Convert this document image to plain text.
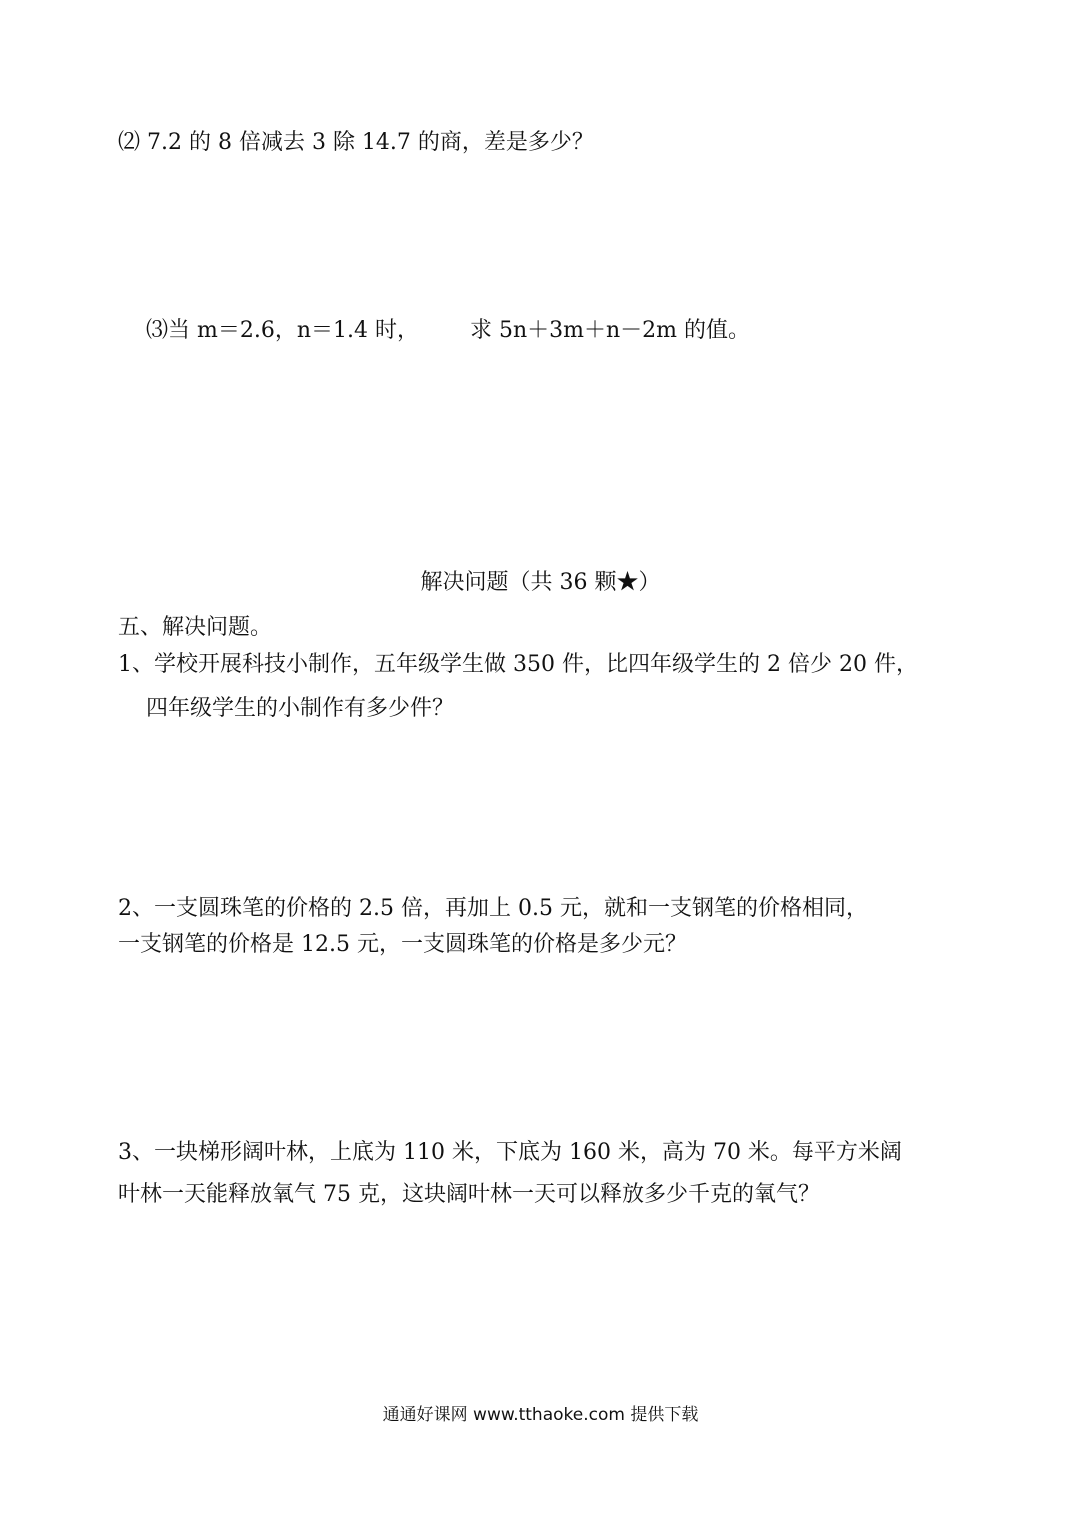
⑵ 7.2 的 8 倍减去 3 除 14.7 的商，差是多少？
⑶当 m＝2.6，n＝1.4 时， 求 5n＋3m＋n－2m 的值。
解决问题（共 36 颗★）
五、解决问题。
1、学校开展科技小制作，五年级学生做 350 件，比四年级学生的 2 倍少 20 件，
四年级学生的小制作有多少件？
2、一支圆珠笔的价格的 2.5 倍，再加上 0.5 元，就和一支钢笔的价格相同，
一支钢笔的价格是 12.5 元，一支圆珠笔的价格是多少元？
3、一块梯形阔叶林，上底为 110 米，下底为 160 米，高为 70 米。每平方米阔
叶林一天能释放氧气 75 克，这块阔叶林一天可以释放多少千克的氧气？
通通好课网 www.tthaoke.com 提供下载
